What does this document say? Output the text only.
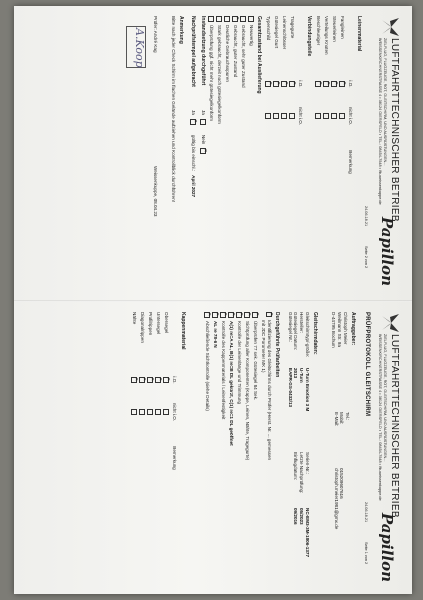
LUFTFAHRTTECHNISCHER BETRIEB
ZIELFLUG, FLUGZEUGE, ROT, GLEITSCHIRM, UND AUSRÜSTUNGEN...
WEISSENKIRCHNERSTRASSE 4 • 38124 GIERSFELD • TEL.: 08454-7548 • lfb-weissenkuppe.de
Papillon
PRÜFPROTOKOLL GLEITSCHIRM
24.06.18.21
Seite 1 von 2
Auftraggeber:
Christoph Meier
Weilmann Str. 9a
D-44795 Bochum
Tel.:
Mobil:
015209607616
E-Mail:
christoph.meier1981@gmx.de
Gleitschirmdaten:
Gleitschirmtyp/-größe:
U-Turn Emotion 3 M
Hersteller:
U-Turn
Gütesiegel Datum:
2013
Gütesiegel Nr.:
EAPR-GS-0432/13
Serien-Nr.:
NC-EM3-3M-1806-1377
Letzte Nachprüfung:
05/2023
Einflugdatum:
09/2016
Durchgeführte Prüfarbeiten
×
Identifizierung des Gleitschirms durch Prüfer (Herst. Nr. ... gemessen mit JDC Porometer MK 1)
×
Überprüfen 77 sek. Gütesiegel 84 Sek.
×
Sichtprüfung aller Komponenten (Kappe, Leinen, Nähte, Tragegurte)
×
Kontrolle der Leinenlänge und Trimmung
×
A(1) re=A AL, B(1) re=B DL gekürzt, C(1) re=1 DL geöffnet
×
Kontrolle des Kappenmaterials / Leinenfestigkeit
×
AL re 78-6 N
×
Abschließende Sichtkontrolle (siehe Details)
Kappenmaterial
i.O.
nicht i.O.
Bemerkung
Obersegel
×
Untersegel
×
Profilrippen
×
Diagonalrippen
×
Nähte
×
LUFTFAHRTTECHNISCHER BETRIEB
ZIELFLUG, FLUGZEUGE, ROT, GLEITSCHIRM, UND AUSRÜSTUNGEN...
WEISSENKIRCHNERSTRASSE 4 • 38124 GIERSFELD • TEL.: 08454-7548 • lfb-weissenkuppe.de
Papillon
24.06.18.21
Seite 2 von 2
Leinenmaterial
i.O.
nicht i.O.
Bemerkung
Fangleinen
×
Steuerleinen
×
Verteilungs Knoten
×
Beschleuniger
×
Verbindungsteile
i.O.
nicht i.O.
Tragegurte
×
Leinenschlösser
×
Gütesiegel Gurt
×
Typenschild
×
Gesamtzustand bei Auslieferung
Neuwertig
Gebraucht, sehr guter Zustand
×
Gebraucht, guter Zustand
Deutliche Gebrauchsspuren
Stark gebraucht, derzeit noch gütesiegelkonform
Überprüfung ggf. nicht mehr gütesiegelkonform
Instandsetzung durchgeführt
Ja
Nein
×
Nachprüfstempel aufgebracht
Ja
×
gültig bis einschl.:
April 2027
Anmerkung
Bitte nach jeder Check Schirm im flachen Gelände aufziehen und Kontrollblick durchführen!
Prüfer: André Kag
Weissenkuppe, 08.04.23
A.Koop
